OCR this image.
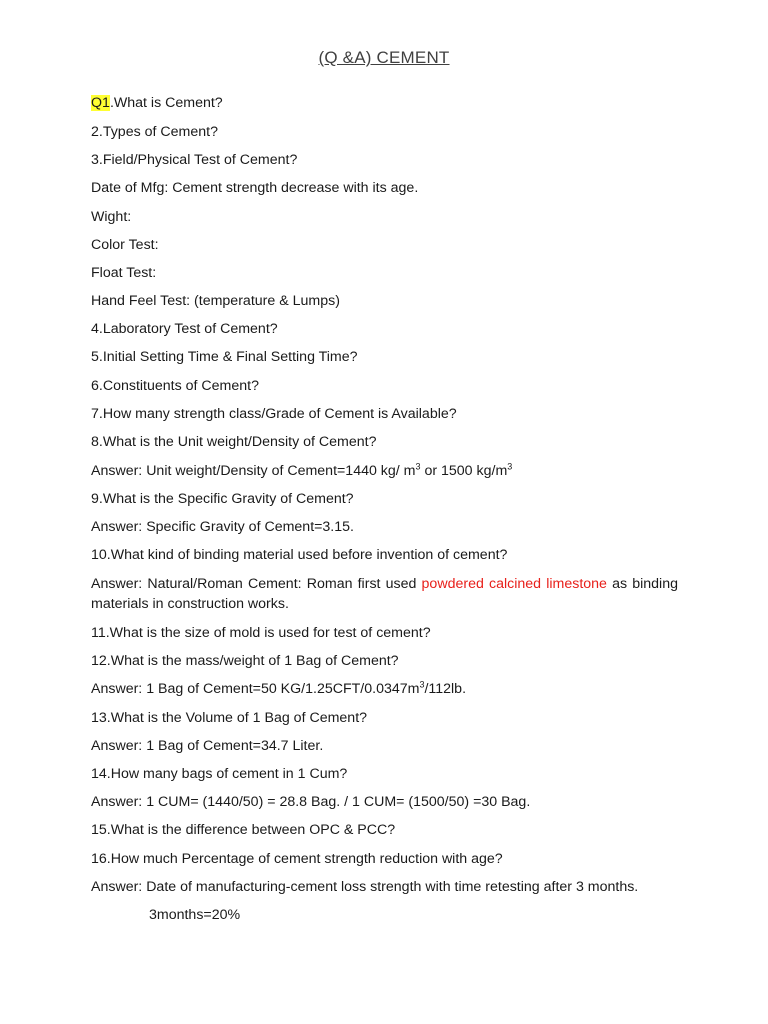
(Q &A) CEMENT
Q1.What is Cement?
2.Types of Cement?
3.Field/Physical Test of Cement?
Date of Mfg: Cement strength decrease with its age.
Wight:
Color Test:
Float Test:
Hand Feel Test: (temperature & Lumps)
4.Laboratory Test of Cement?
5.Initial Setting Time & Final Setting Time?
6.Constituents of Cement?
7.How many strength class/Grade of Cement is Available?
8.What is the Unit weight/Density of Cement?
Answer: Unit weight/Density of Cement=1440 kg/ $m^3$ or 1500 $kg/m^3$
9.What is the Specific Gravity of Cement?
Answer: Specific Gravity of Cement=3.15.
10.What kind of binding material used before invention of cement?
Answer: Natural/Roman Cement: Roman first used powdered calcined limestone as binding materials in construction works.
11.What is the size of mold is used for test of cement?
12.What is the mass/weight of 1 Bag of Cement?
Answer: 1 Bag of Cement=50 $KG/1.25CFT/0.0347m^3/112lb$.
13.What is the Volume of 1 Bag of Cement?
Answer: 1 Bag of Cement=34.7 Liter.
14.How many bags of cement in 1 Cum?
Answer: 1 CUM= (1440/50) = 28.8 Bag. / 1 CUM= (1500/50) =30 Bag.
15.What is the difference between OPC & PCC?
16.How much Percentage of cement strength reduction with age?
Answer: Date of manufacturing-cement loss strength with time retesting after 3 months.
3months=20%
